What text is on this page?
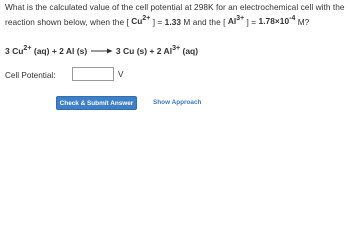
What is the calculated value of the cell potential at 298K for an electrochemical cell with the reaction shown below, when the [ $Cu^{2+}$ ] = 1.33 M and the [ $Al^{3+}$ ] = $1.78\times 10^{-4}$ M?
3 $Cu^{2+}$ (aq) + 2 Al (s) → 3 Cu (s) + 2 $Al^{3+}$ (aq)
Cell Potential:	V
Check & Submit Answer	Show Approach
